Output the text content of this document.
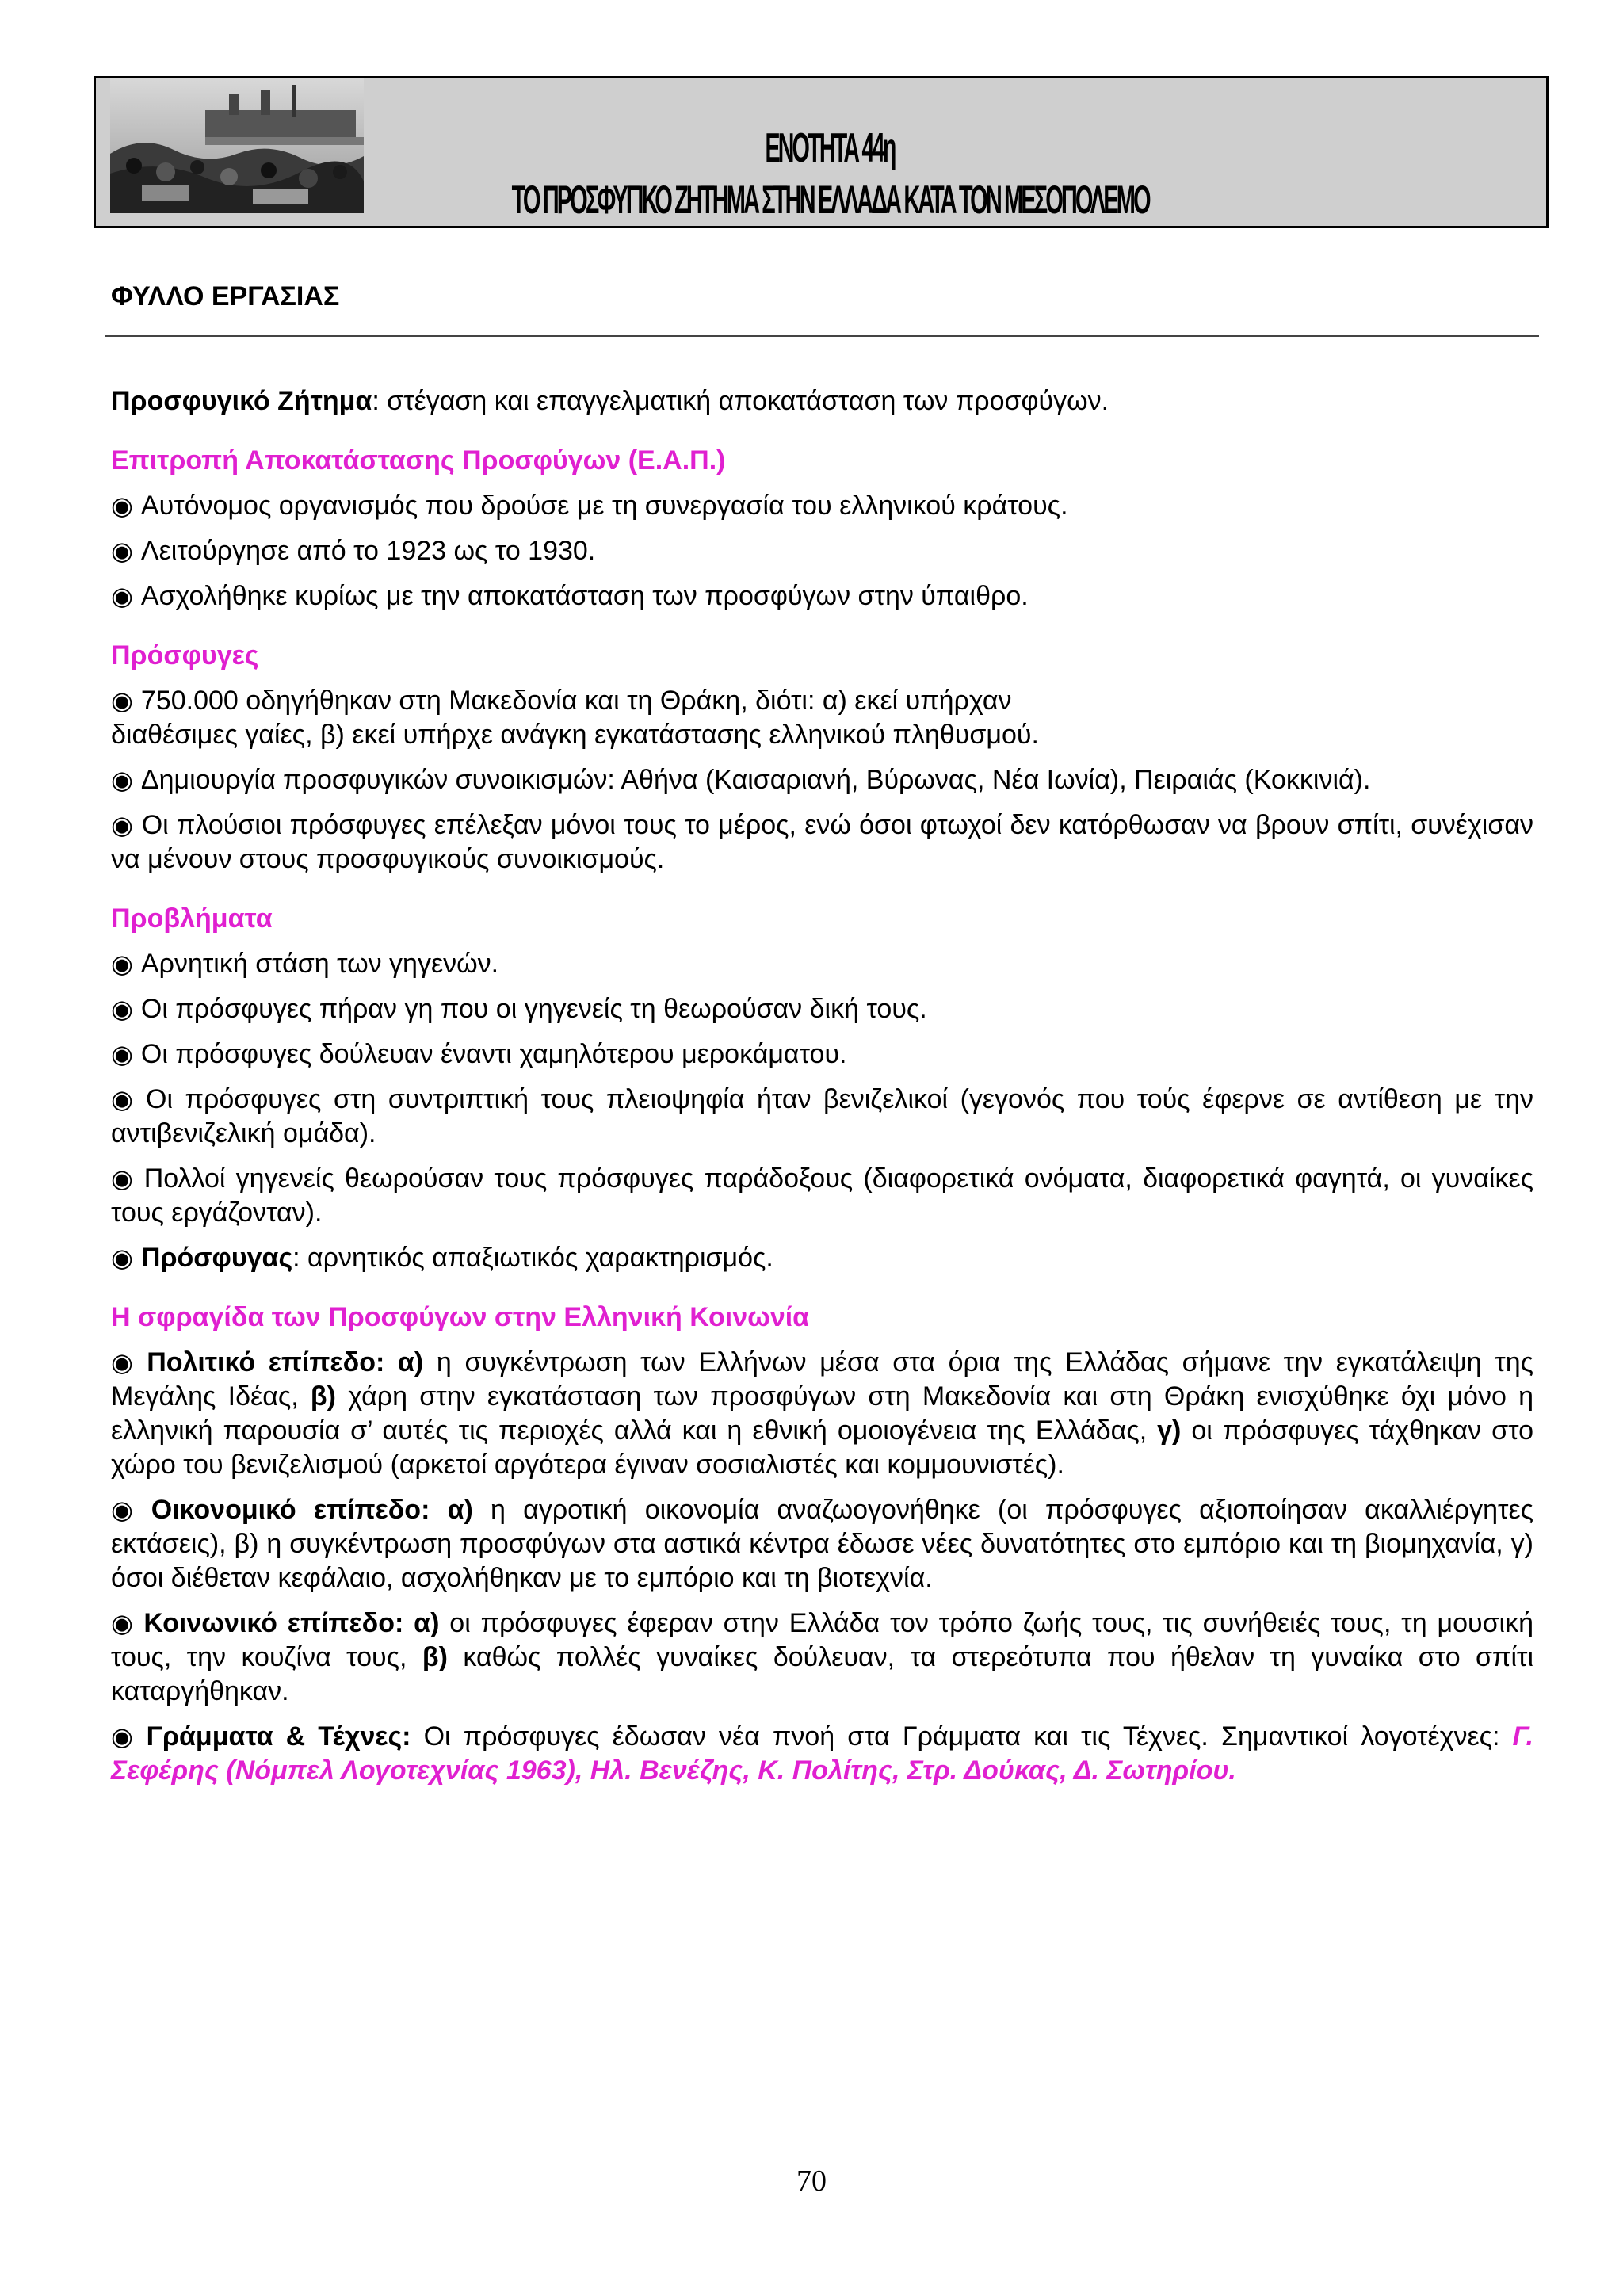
ΕΝΟΤΗΤΑ 44η
ΤΟ ΠΡΟΣΦΥΓΙΚΟ ΖΗΤΗΜΑ ΣΤΗΝ ΕΛΛΑΔΑ ΚΑΤΑ ΤΟΝ ΜΕΣΟΠΟΛΕΜΟ
ΦΥΛΛΟ ΕΡΓΑΣΙΑΣ

Προσφυγικό Ζήτημα: στέγαση και επαγγελματική αποκατάσταση των προσφύγων.

Επιτροπή Αποκατάστασης Προσφύγων (Ε.Α.Π.)

◉ Αυτόνομος οργανισμός που δρούσε με τη συνεργασία του ελληνικού κράτους.

◉ Λειτούργησε από το 1923 ως το 1930.

◉ Ασχολήθηκε κυρίως με την αποκατάσταση των προσφύγων στην ύπαιθρο.

Πρόσφυγες

◉ 750.000 οδηγήθηκαν στη Μακεδονία και τη Θράκη, διότι: α) εκεί υπήρχαν
διαθέσιμες γαίες, β) εκεί υπήρχε ανάγκη εγκατάστασης ελληνικού πληθυσμού.

◉ Δημιουργία προσφυγικών συνοικισμών: Αθήνα (Καισαριανή, Βύρωνας, Νέα Ιωνία), Πειραιάς (Κοκκινιά).

◉ Οι πλούσιοι πρόσφυγες επέλεξαν μόνοι τους το μέρος, ενώ όσοι φτωχοί δεν κατόρθωσαν να βρουν σπίτι, συνέχισαν να μένουν στους προσφυγικούς συνοικισμούς.

Προβλήματα

◉ Αρνητική στάση των γηγενών.

◉ Οι πρόσφυγες πήραν γη που οι γηγενείς τη θεωρούσαν δική τους.

◉ Οι πρόσφυγες δούλευαν έναντι χαμηλότερου μεροκάματου.

◉ Οι πρόσφυγες στη συντριπτική τους πλειοψηφία ήταν βενιζελικοί (γεγονός που τούς έφερνε σε αντίθεση με την αντιβενιζελική ομάδα).

◉ Πολλοί γηγενείς θεωρούσαν τους πρόσφυγες παράδοξους (διαφορετικά ονόματα, διαφορετικά φαγητά, οι γυναίκες τους εργάζονταν).

◉ Πρόσφυγας: αρνητικός απαξιωτικός χαρακτηρισμός.

Η σφραγίδα των Προσφύγων στην Ελληνική Κοινωνία

◉ Πολιτικό επίπεδο: α) η συγκέντρωση των Ελλήνων μέσα στα όρια της Ελλάδας σήμανε την εγκατάλειψη της Μεγάλης Ιδέας, β) χάρη στην εγκατάσταση των προσφύγων στη Μακεδονία και στη Θράκη ενισχύθηκε όχι μόνο η ελληνική παρουσία σ’ αυτές τις περιοχές αλλά και η εθνική ομοιογένεια της Ελλάδας, γ) οι πρόσφυγες τάχθηκαν στο χώρο του βενιζελισμού (αρκετοί αργότερα έγιναν σοσιαλιστές και κομμουνιστές).

◉ Οικονομικό επίπεδο: α) η αγροτική οικονομία αναζωογονήθηκε (οι πρόσφυγες αξιοποίησαν ακαλλιέργητες εκτάσεις), β) η συγκέντρωση προσφύγων στα αστικά κέντρα έδωσε νέες δυνατότητες στο εμπόριο και τη βιομηχανία, γ) όσοι διέθεταν κεφάλαιο, ασχολήθηκαν με το εμπόριο και τη βιοτεχνία.

◉ Κοινωνικό επίπεδο: α) οι πρόσφυγες έφεραν στην Ελλάδα τον τρόπο ζωής τους, τις συνήθειές τους, τη μουσική τους, την κουζίνα τους, β) καθώς πολλές γυναίκες δούλευαν, τα στερεότυπα που ήθελαν τη γυναίκα στο σπίτι καταργήθηκαν.

◉ Γράμματα & Τέχνες: Οι πρόσφυγες έδωσαν νέα πνοή στα Γράμματα και τις Τέχνες. Σημαντικοί λογοτέχνες: Γ. Σεφέρης (Νόμπελ Λογοτεχνίας 1963), Ηλ. Βενέζης, Κ. Πολίτης, Στρ. Δούκας, Δ. Σωτηρίου.

70
